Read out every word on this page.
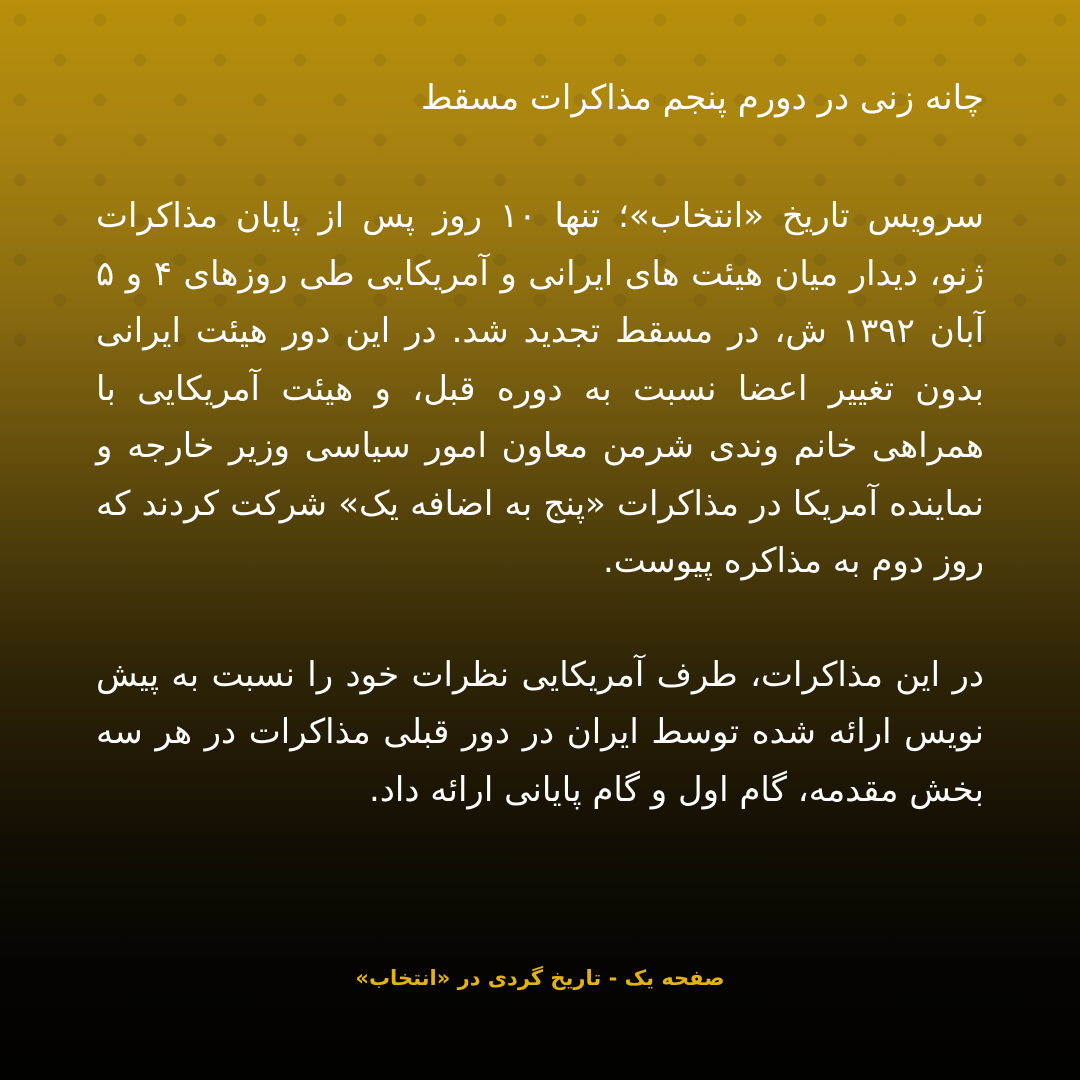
چانه زنی در دورم پنجم مذاکرات مسقط

سرویس تاریخ «انتخاب»؛ تنها ۱۰ روز پس از پایان مذاکرات ژنو، دیدار میان هیئت های ایرانی و آمریکایی طی روزهای ۴ و ۵ آبان ۱۳۹۲ ش، در مسقط تجدید شد. در این دور هیئت ایرانی بدون تغییر اعضا نسبت به دوره قبل، و هیئت آمریکایی با همراهی خانم وندی شرمن معاون امور سیاسی وزیر خارجه و نماینده آمریکا در مذاکرات «پنج به اضافه یک» شرکت کردند که روز دوم به مذاکره پیوست.

در این مذاکرات، طرف آمریکایی نظرات خود را نسبت به پیش نویس ارائه شده توسط ایران در دور قبلی مذاکرات در هر سه بخش مقدمه، گام اول و گام پایانی ارائه داد.

صفحه یک - تاریخ گردی در «انتخاب»
